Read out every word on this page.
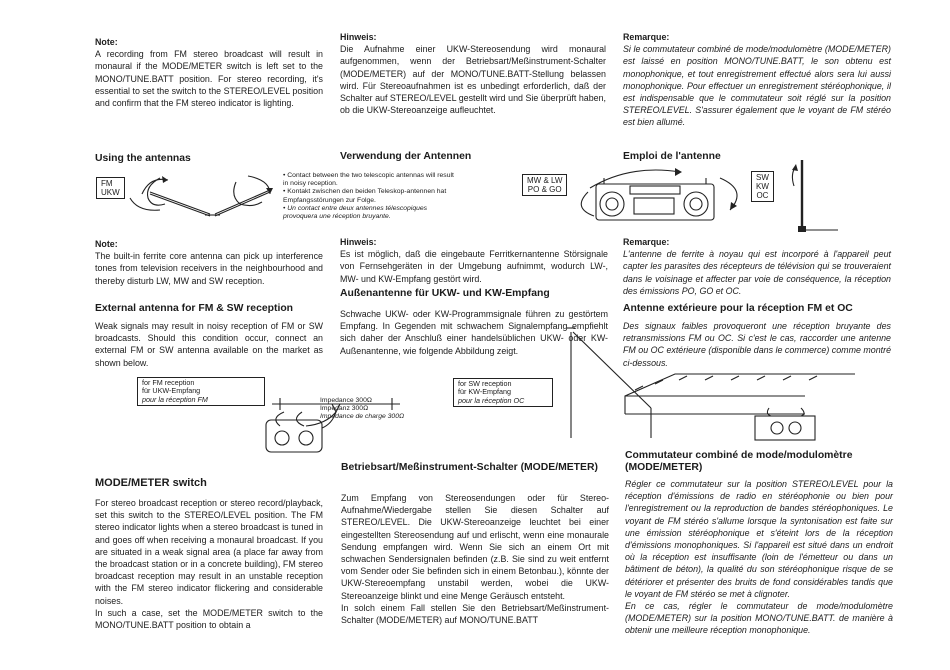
Note:
A recording from FM stereo broadcast will result in monaural if the MODE/METER switch is left set to the MONO/TUNE.BATT position. For stereo recording, it's essential to set the switch to the STEREO/LEVEL position and confirm that the FM stereo indicator is lighting.
Hinweis:
Die Aufnahme einer UKW-Stereosendung wird monaural aufgenommen, wenn der Betriebsart/Meßinstrument-Schalter (MODE/METER) auf der MONO/TUNE.BATT-Stellung belassen wird. Für Stereoaufnahmen ist es unbedingt erforderlich, daß der Schalter auf STEREO/LEVEL gestellt wird und Sie überprüft haben, ob die UKW-Stereoanzeige aufleuchtet.
Remarque:
Si le commutateur combiné de mode/modulomètre (MODE/METER) est laissé en position MONO/TUNE.BATT, le son obtenu est monophonique, et tout enregistrement effectué alors sera lui aussi monophonique. Pour effectuer un enregistrement stéréophonique, il est indispensable que le commutateur soit réglé sur la position STEREO/LEVEL. S'assurer également que le voyant de FM stéréo est bien allumé.
Using the antennas	Verwendung der Antennen	Emploi de l'antenne
FM
UKW
• Contact between the two telescopic antennas will result in noisy reception.
• Kontakt zwischen den beiden Teleskop-antennen hat Empfangsstörungen zur Folge.
• Un contact entre deux antennes télescopiques provoquera une réception bruyante.
MW & LW
PO & GO
SW
KW
OC
Note:
The built-in ferrite core antenna can pick up interference tones from television receivers in the neighbourhood and thereby disturb LW, MW and SW reception.
Hinweis:
Es ist möglich, daß die eingebaute Ferritkernantenne Störsignale von Fernsehgeräten in der Umgebung aufnimmt, wodurch LW-, MW- und KW-Empfang gestört wird.
Remarque:
L'antenne de ferrite à noyau qui est incorporé à l'appareil peut capter les parasites des récepteurs de télévision qui se trouveraient dans le voisinage et affecter par voie de conséquence, la réception des émissions PO, GO et OC.
External antenna for FM & SW reception
Weak signals may result in noisy reception of FM or SW broadcasts. Should this condition occur, connect an external FM or SW antenna available on the market as shown below.
Außenantenne für UKW- und KW-Empfang
Schwache UKW- oder KW-Programmsignale führen zu gestörtem Empfang. In Gegenden mit schwachem Signalempfang empfiehlt sich daher der Anschluß einer handelsüblichen UKW- oder KW-Außenantenne, wie folgende Abbildung zeigt.
Antenne extérieure pour la réception FM et OC
Des signaux faibles provoqueront une réception bruyante des retransmissions FM ou OC. Si c'est le cas, raccorder une antenne FM ou OC extérieure (disponible dans le commerce) comme montré ci-dessous.
for FM reception
für UKW-Empfang
pour la réception FM	Impedance 300Ω
Impedanz 300Ω
Impédance de charge 300Ω
for SW reception
für KW-Empfang
pour la réception OC
MODE/METER switch
For stereo broadcast reception or stereo record/playback, set this switch to the STEREO/LEVEL position. The FM stereo indicator lights when a stereo broadcast is tuned in and goes off when receiving a monaural broadcast. If you are situated in a weak signal area (a place far away from the broadcast station or in a concrete building), FM stereo broadcast reception may result in an unstable reception with the FM stereo indicator flickering and considerable noises.
In such a case, set the MODE/METER switch to the MONO/TUNE.BATT position to obtain a
Betriebsart/Meßinstrument-Schalter (MODE/METER)
Zum Empfang von Stereosendungen oder für Stereo-Aufnahme/Wiedergabe stellen Sie diesen Schalter auf STEREO/LEVEL. Die UKW-Stereoanzeige leuchtet bei einer eingestellten Stereosendung auf und erlischt, wenn eine monaurale Sendung empfangen wird. Wenn Sie sich an einem Ort mit schwachen Sendersignalen befinden (z.B. Sie sind zu weit entfernt vom Sender oder Sie befinden sich in einem Betonbau.), könnte der UKW-Stereoempfang unstabil werden, wobei die UKW-Stereoanzeige blinkt und eine Menge Geräusch entsteht.
In solch einem Fall stellen Sie den Betriebsart/Meßinstrument-Schalter (MODE/METER) auf MONO/TUNE.BATT
Commutateur combiné de mode/modulomètre (MODE/METER)
Régler ce commutateur sur la position STEREO/LEVEL pour la réception d'émissions de radio en stéréophonie ou bien pour l'enregistrement ou la reproduction de bandes stéréophoniques. Le voyant de FM stéréo s'allume lorsque la syntonisation est faite sur une émission stéréophonique et s'éteint lors de la réception d'émissions monophoniques. Si l'appareil est situé dans un endroit où la réception est insuffisante (loin de l'émetteur ou dans un bâtiment de béton), la qualité du son stéréophonique risque de se détériorer et présenter des bruits de fond considérables tandis que le voyant de FM stéréo se met à clignoter.
En ce cas, régler le commutateur de mode/modulomètre (MODE/METER) sur la position MONO/TUNE.BATT. de manière à obtenir une meilleure réception monophonique.
